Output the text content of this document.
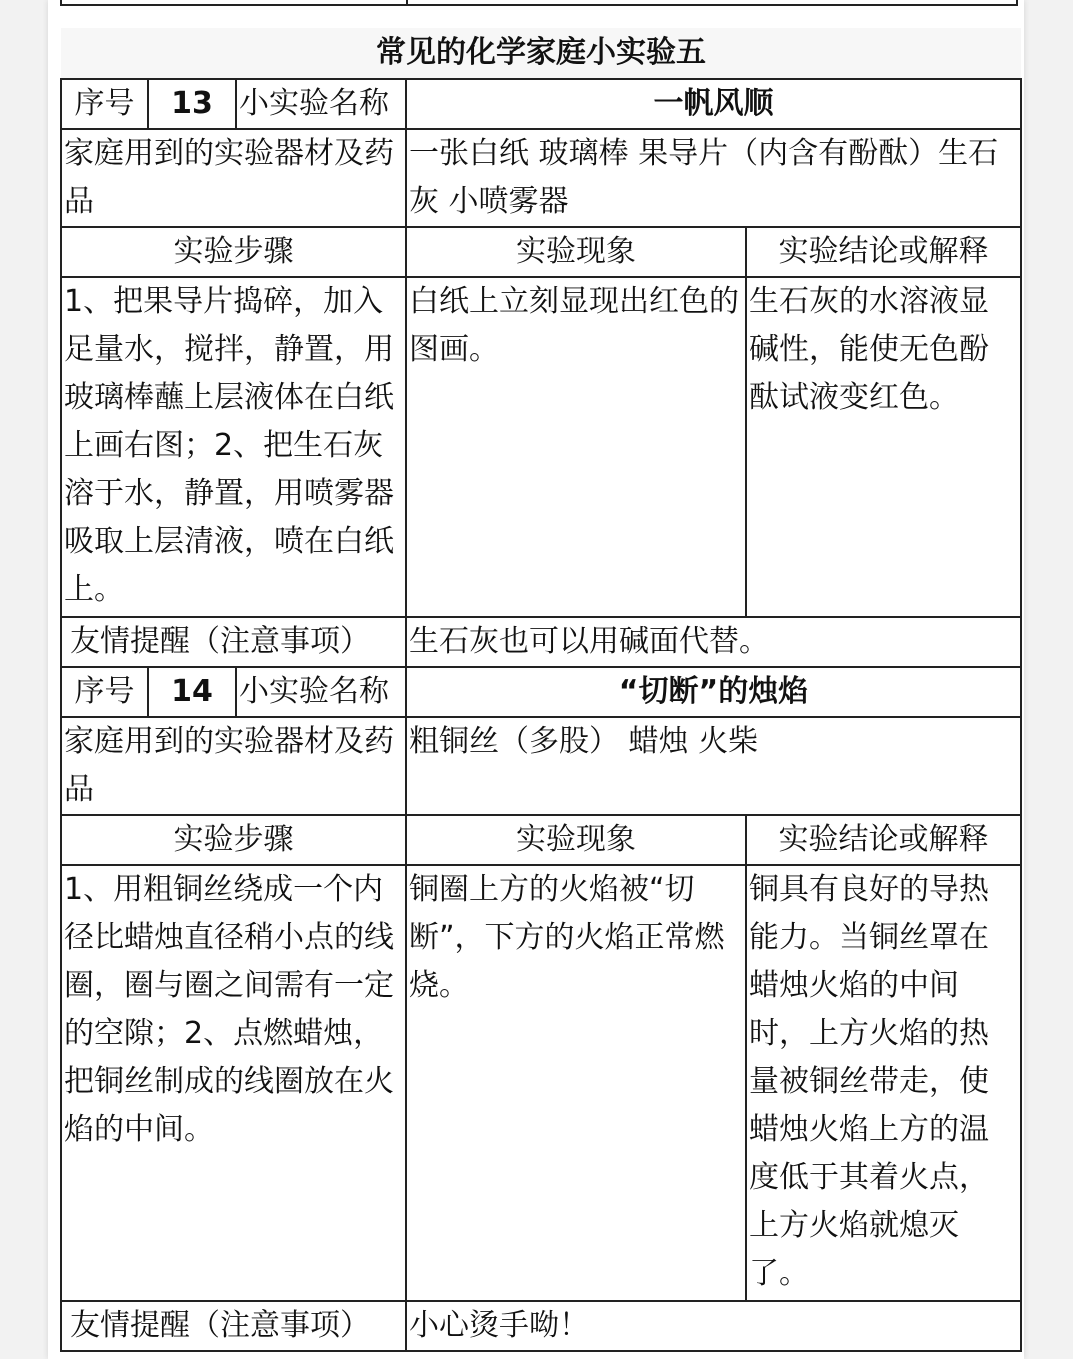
常见的化学家庭小实验五				
序号	13	小实验名称	一帆风顺	
家庭用到的实验器材及药品			一张白纸 玻璃棒 果导片（内含有酚酞）生石灰 小喷雾器	
实验步骤			实验现象	实验结论或解释
1、把果导片捣碎，加入足量水，搅拌，静置，用玻璃棒蘸上层液体在白纸上画右图；2、把生石灰溶于水，静置，用喷雾器吸取上层清液，喷在白纸上。			白纸上立刻显现出红色的图画。	生石灰的水溶液显碱性，能使无色酚酞试液变红色。
友情提醒（注意事项）			生石灰也可以用碱面代替。	
序号	14	小实验名称	“切断”的烛焰	
家庭用到的实验器材及药品			粗铜丝（多股） 蜡烛 火柴	
实验步骤			实验现象	实验结论或解释
1、用粗铜丝绕成一个内径比蜡烛直径稍小点的线圈，圈与圈之间需有一定的空隙；2、点燃蜡烛，把铜丝制成的线圈放在火焰的中间。			铜圈上方的火焰被“切断”，下方的火焰正常燃烧。	铜具有良好的导热能力。当铜丝罩在蜡烛火焰的中间时，上方火焰的热量被铜丝带走，使蜡烛火焰上方的温度低于其着火点，上方火焰就熄灭了。
友情提醒（注意事项）			小心烫手呦！	
